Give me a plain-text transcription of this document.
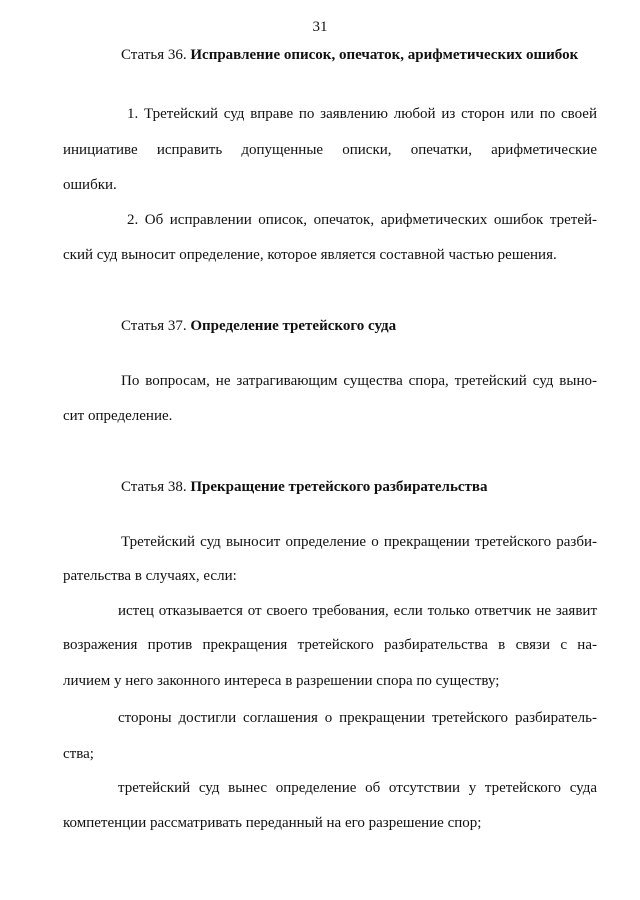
31
Статья 36. Исправление описок, опечаток, арифметических ошибок
1. Третейский суд вправе по заявлению любой из сторон или по своей
инициативе исправить допущенные описки, опечатки, арифметические
ошибки.
2. Об исправлении описок, опечаток, арифметических ошибок третей-
ский суд выносит определение, которое является составной частью решения.
Статья 37. Определение третейского суда
По вопросам, не затрагивающим существа спора, третейский суд выно-
сит определение.
Статья 38. Прекращение третейского разбирательства
Третейский суд выносит определение о прекращении третейского разби-
рательства в случаях, если:
истец отказывается от своего требования, если только ответчик не заявит
возражения против прекращения третейского разбирательства в связи с на-
личием у него законного интереса в разрешении спора по существу;
стороны достигли соглашения о прекращении третейского разбиратель-
ства;
третейский суд вынес определение об отсутствии у третейского суда
компетенции рассматривать переданный на его разрешение спор;
